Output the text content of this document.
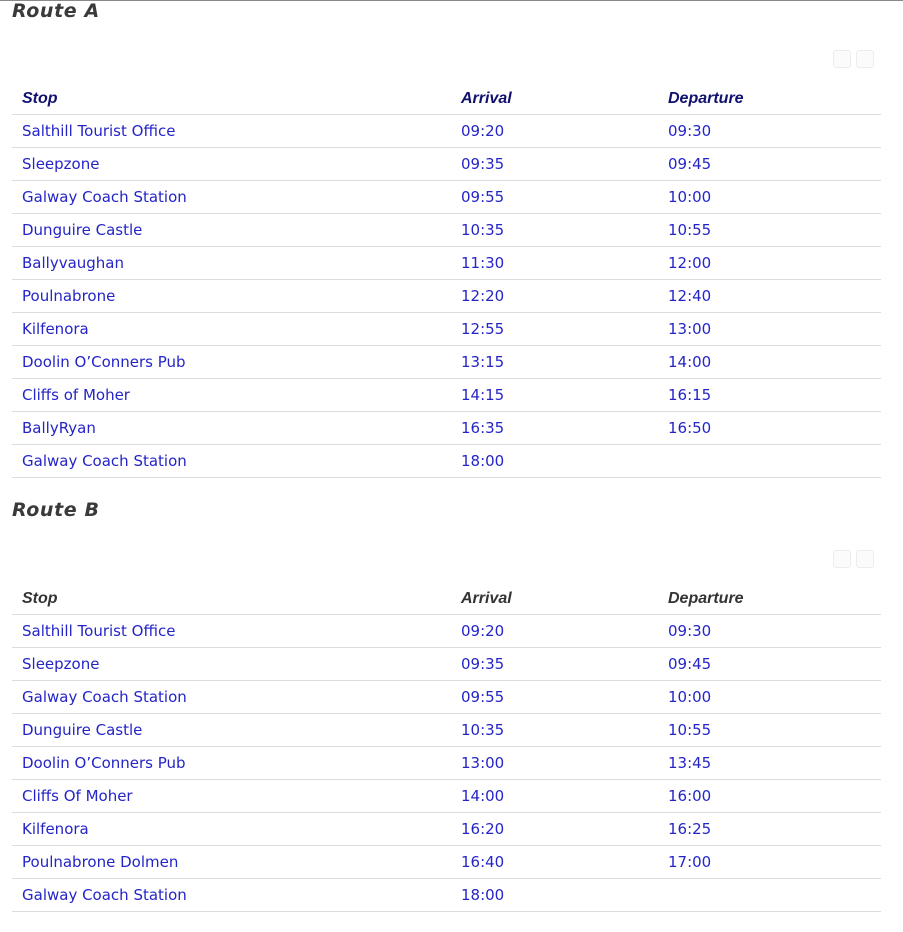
Route A
Stop	Arrival	Departure
Salthill Tourist Office	09:20	09:30
Sleepzone	09:35	09:45
Galway Coach Station	09:55	10:00
Dunguire Castle	10:35	10:55
Ballyvaughan	11:30	12:00
Poulnabrone	12:20	12:40
Kilfenora	12:55	13:00
Doolin O’Conners Pub	13:15	14:00
Cliffs of Moher	14:15	16:15
BallyRyan	16:35	16:50
Galway Coach Station	18:00	
Route B
Stop	Arrival	Departure
Salthill Tourist Office	09:20	09:30
Sleepzone	09:35	09:45
Galway Coach Station	09:55	10:00
Dunguire Castle	10:35	10:55
Doolin O’Conners Pub	13:00	13:45
Cliffs Of Moher	14:00	16:00
Kilfenora	16:20	16:25
Poulnabrone Dolmen	16:40	17:00
Galway Coach Station	18:00	
